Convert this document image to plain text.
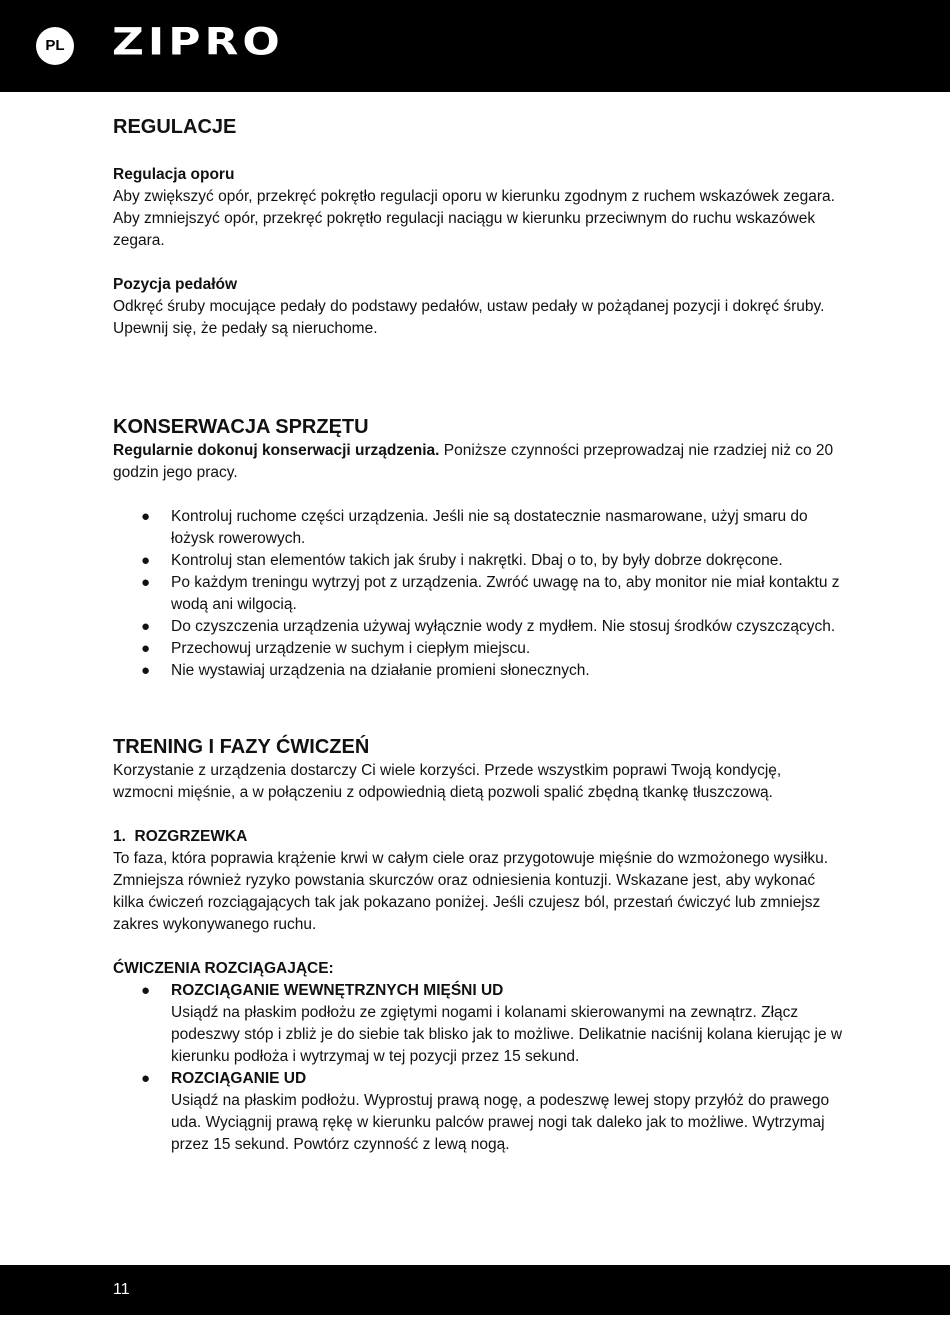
PL ZIPRO
REGULACJE

Regulacja oporu

Aby zwiększyć opór, przekręć pokrętło regulacji oporu w kierunku zgodnym z ruchem wskazówek zegara. Aby zmniejszyć opór, przekręć pokrętło regulacji naciągu w kierunku przeciwnym do ruchu wskazówek zegara.

Pozycja pedałów

Odkręć śruby mocujące pedały do podstawy pedałów, ustaw pedały w pożądanej pozycji i dokręć śruby. Upewnij się, że pedały są nieruchome.

KONSERWACJA SPRZĘTU

Regularnie dokonuj konserwacji urządzenia. Poniższe czynności przeprowadzaj nie rzadziej niż co 20 godzin jego pracy.

● Kontroluj ruchome części urządzenia. Jeśli nie są dostatecznie nasmarowane, użyj smaru do łożysk rowerowych.
● Kontroluj stan elementów takich jak śruby i nakrętki. Dbaj o to, by były dobrze dokręcone.
● Po każdym treningu wytrzyj pot z urządzenia. Zwróć uwagę na to, aby monitor nie miał kontaktu z wodą ani wilgocią.
● Do czyszczenia urządzenia używaj wyłącznie wody z mydłem. Nie stosuj środków czyszczących.
● Przechowuj urządzenie w suchym i ciepłym miejscu.
● Nie wystawiaj urządzenia na działanie promieni słonecznych.
TRENING I FAZY ĆWICZEŃ

Korzystanie z urządzenia dostarczy Ci wiele korzyści. Przede wszystkim poprawi Twoją kondycję, wzmocni mięśnie, a w połączeniu z odpowiednią dietą pozwoli spalić zbędną tkankę tłuszczową.

1.  ROZGRZEWKA

To faza, która poprawia krążenie krwi w całym ciele oraz przygotowuje mięśnie do wzmożonego wysiłku. Zmniejsza również ryzyko powstania skurczów oraz odniesienia kontuzji. Wskazane jest, aby wykonać kilka ćwiczeń rozciągających tak jak pokazano poniżej. Jeśli czujesz ból, przestań ćwiczyć lub zmniejsz zakres wykonywanego ruchu.

ĆWICZENIA ROZCIĄGAJĄCE:

● ROZCIĄGANIE WEWNĘTRZNYCH MIĘŚNI UD

Usiądź na płaskim podłożu ze zgiętymi nogami i kolanami skierowanymi na zewnątrz. Złącz podeszwy stóp i zbliż je do siebie tak blisko jak to możliwe. Delikatnie naciśnij kolana kierując je w kierunku podłoża i wytrzymaj w tej pozycji przez 15 sekund.

● ROZCIĄGANIE UD

Usiądź na płaskim podłożu. Wyprostuj prawą nogę, a podeszwę lewej stopy przyłóż do prawego uda. Wyciągnij prawą rękę w kierunku palców prawej nogi tak daleko jak to możliwe. Wytrzymaj przez 15 sekund. Powtórz czynność z lewą nogą.

11
